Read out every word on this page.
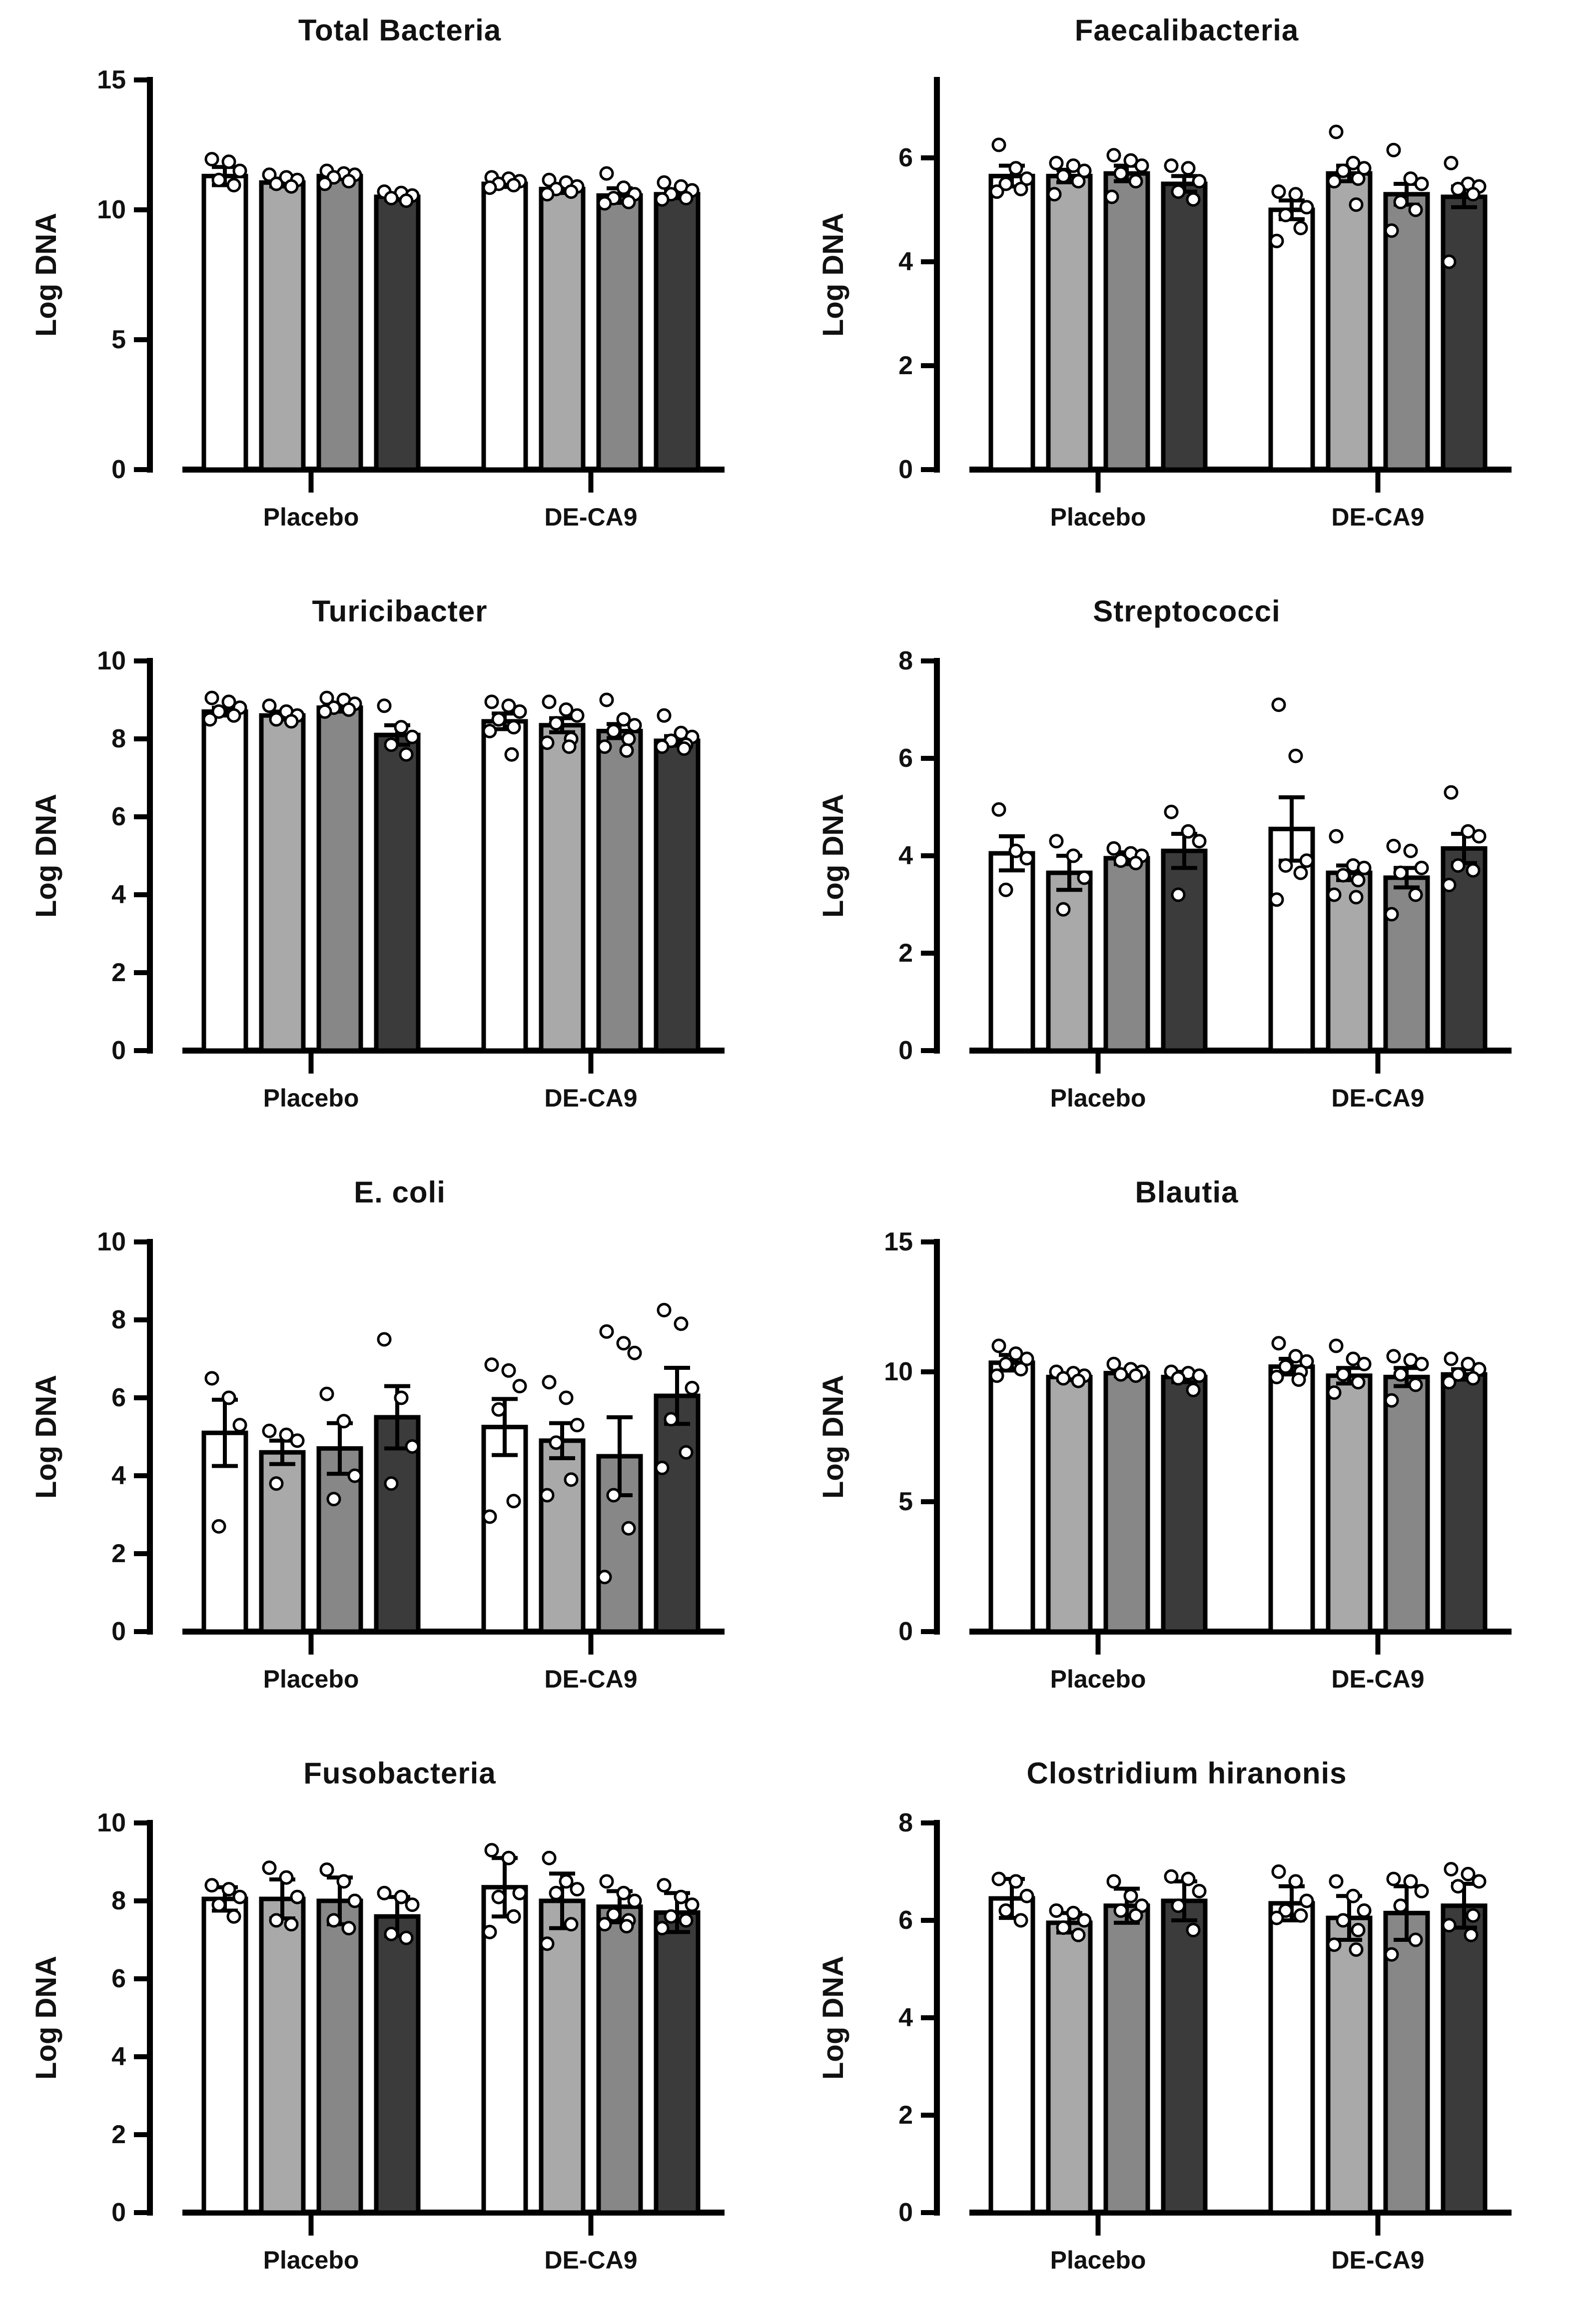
Total Bacteria
0
5
10
15
Log DNA
Placebo	DE-CA9
Faecalibacteria
0
2
4
6
Log DNA
Placebo	DE-CA9
Turicibacter
0
2
4
6
8
10
Log DNA
Placebo	DE-CA9
Streptococci
0
2
4
6
8
Log DNA
Placebo	DE-CA9
E. coli
0
2
4
6
8
10
Log DNA
Placebo	DE-CA9
Blautia
0
5
10
15
Log DNA
Placebo	DE-CA9
Fusobacteria
0
2
4
6
8
10
Log DNA
Placebo	DE-CA9
Clostridium hiranonis
0
2
4
6
8
Log DNA
Placebo	DE-CA9
